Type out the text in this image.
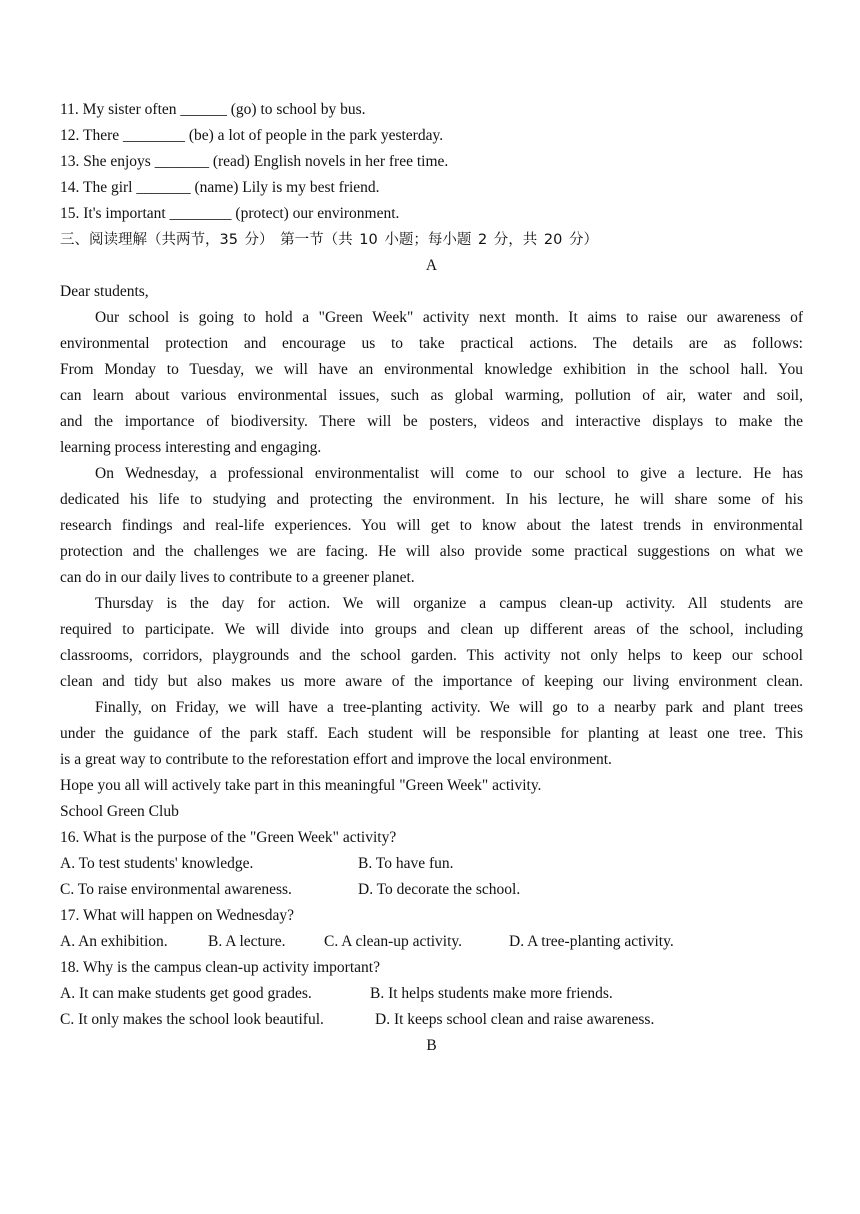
11. My sister often ______ (go) to school by bus.
12. There ________ (be) a lot of people in the park yesterday.
13. She enjoys _______ (read) English novels in her free time.
14. The girl _______ (name) Lily is my best friend.
15. It's important ________ (protect) our environment.
三、阅读理解（共两节，35 分） 第一节（共 10 小题；每小题 2 分，共 20 分）
A
Dear students,
Our school is going to hold a "Green Week" activity next month. It aims to raise our awareness of
environmental protection and encourage us to take practical actions. The details are as follows:
From Monday to Tuesday, we will have an environmental knowledge exhibition in the school hall. You
can learn about various environmental issues, such as global warming, pollution of air, water and soil,
and the importance of biodiversity. There will be posters, videos and interactive displays to make the
learning process interesting and engaging.
On Wednesday, a professional environmentalist will come to our school to give a lecture. He has
dedicated his life to studying and protecting the environment. In his lecture, he will share some of his
research findings and real-life experiences. You will get to know about the latest trends in environmental
protection and the challenges we are facing. He will also provide some practical suggestions on what we
can do in our daily lives to contribute to a greener planet.
Thursday is the day for action. We will organize a campus clean-up activity. All students are
required to participate. We will divide into groups and clean up different areas of the school, including
classrooms, corridors, playgrounds and the school garden. This activity not only helps to keep our school
clean and tidy but also makes us more aware of the importance of keeping our living environment clean.
Finally, on Friday, we will have a tree-planting activity. We will go to a nearby park and plant trees
under the guidance of the park staff. Each student will be responsible for planting at least one tree. This
is a great way to contribute to the reforestation effort and improve the local environment.
Hope you all will actively take part in this meaningful "Green Week" activity.
School Green Club
16. What is the purpose of the "Green Week" activity?
A. To test students' knowledge.	B. To have fun.
C. To raise environmental awareness.	D. To decorate the school.
17. What will happen on Wednesday?
A. An exhibition.	B. A lecture. C. A clean-up activity.	D. A tree-planting activity.
18. Why is the campus clean-up activity important?
A. It can make students get good grades.	B. It helps students make more friends.
C. It only makes the school look beautiful.	D. It keeps school clean and raise awareness.
B
